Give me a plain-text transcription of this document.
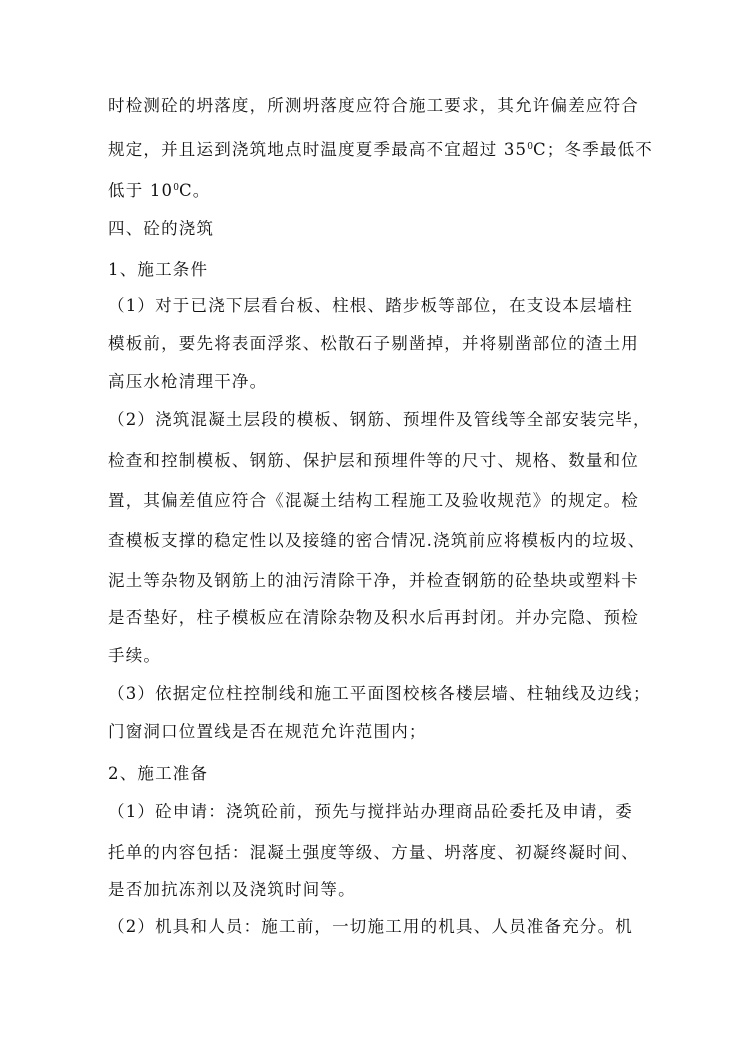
时检测砼的坍落度，所测坍落度应符合施工要求，其允许偏差应符合
规定，并且运到浇筑地点时温度夏季最高不宜超过 $35^0C$；冬季最低不
低于 $10^0C$。
四、砼的浇筑
1、施工条件
（1）对于已浇下层看台板、柱根、踏步板等部位，在支设本层墙柱
模板前，要先将表面浮浆、松散石子剔凿掉，并将剔凿部位的渣土用
高压水枪清理干净。
（2）浇筑混凝土层段的模板、钢筋、预埋件及管线等全部安装完毕，
检查和控制模板、钢筋、保护层和预埋件等的尺寸、规格、数量和位
置，其偏差值应符合《混凝土结构工程施工及验收规范》的规定。检
查模板支撑的稳定性以及接缝的密合情况.浇筑前应将模板内的垃圾、
泥土等杂物及钢筋上的油污清除干净，并检查钢筋的砼垫块或塑料卡
是否垫好，柱子模板应在清除杂物及积水后再封闭。并办完隐、预检
手续。
（3）依据定位柱控制线和施工平面图校核各楼层墙、柱轴线及边线；
门窗洞口位置线是否在规范允许范围内；
2、施工准备
（1）砼申请：浇筑砼前，预先与搅拌站办理商品砼委托及申请，委
托单的内容包括：混凝土强度等级、方量、坍落度、初凝终凝时间、
是否加抗冻剂以及浇筑时间等。
（2）机具和人员：施工前，一切施工用的机具、人员准备充分。机
